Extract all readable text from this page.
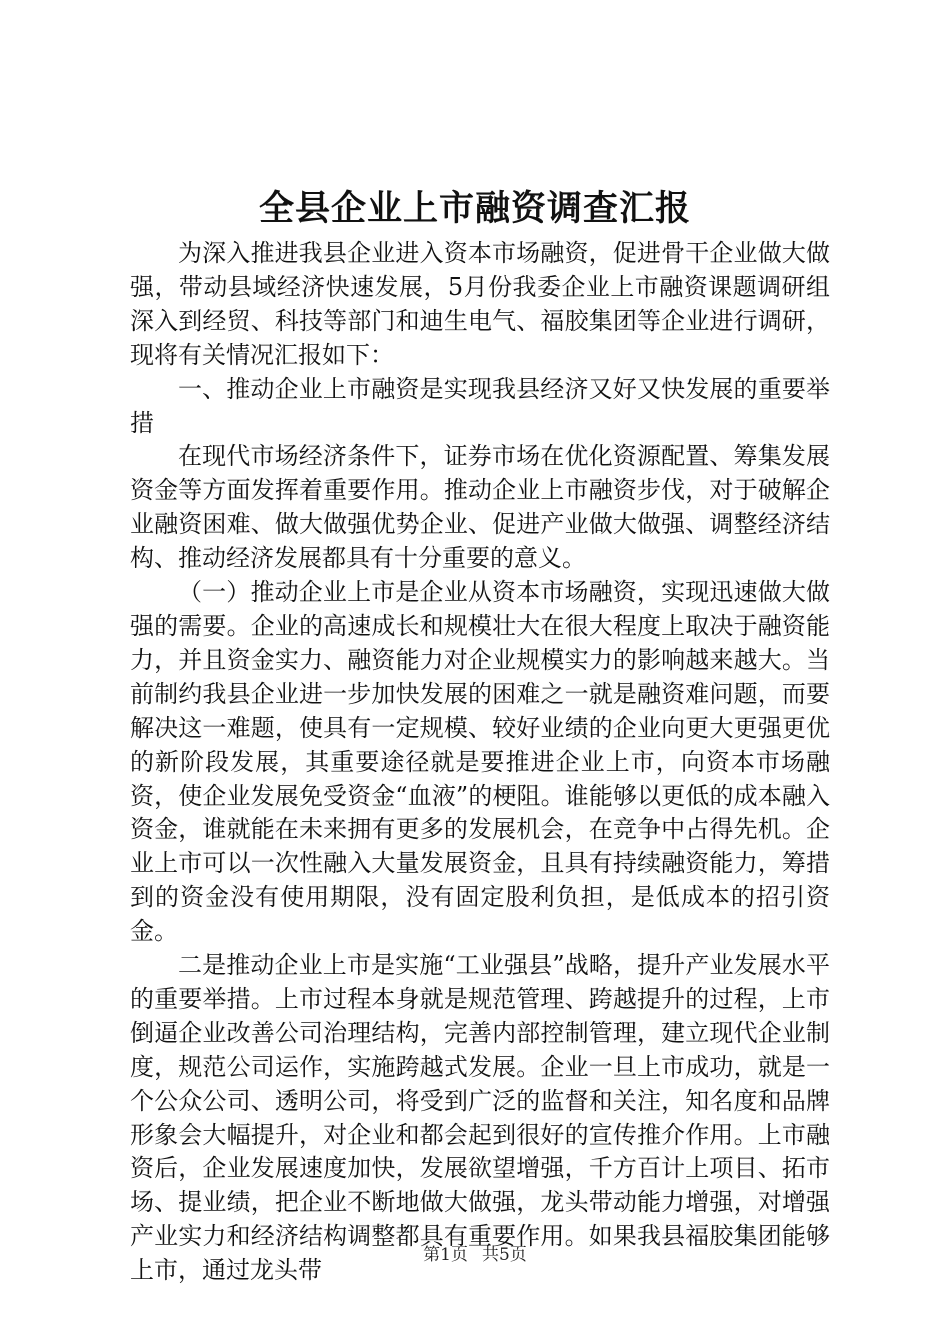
全县企业上市融资调查汇报

为深入推进我县企业进入资本市场融资，促进骨干企业做大做强，带动县域经济快速发展，5月份我委企业上市融资课题调研组深入到经贸、科技等部门和迪生电气、福胶集团等企业进行调研，现将有关情况汇报如下：

一、推动企业上市融资是实现我县经济又好又快发展的重要举措

在现代市场经济条件下，证券市场在优化资源配置、筹集发展资金等方面发挥着重要作用。推动企业上市融资步伐，对于破解企业融资困难、做大做强优势企业、促进产业做大做强、调整经济结构、推动经济发展都具有十分重要的意义。

（一）推动企业上市是企业从资本市场融资，实现迅速做大做强的需要。企业的高速成长和规模壮大在很大程度上取决于融资能力，并且资金实力、融资能力对企业规模实力的影响越来越大。当前制约我县企业进一步加快发展的困难之一就是融资难问题，而要解决这一难题，使具有一定规模、较好业绩的企业向更大更强更优的新阶段发展，其重要途径就是要推进企业上市，向资本市场融资，使企业发展免受资金“血液”的梗阻。谁能够以更低的成本融入资金，谁就能在未来拥有更多的发展机会，在竞争中占得先机。企业上市可以一次性融入大量发展资金，且具有持续融资能力，筹措到的资金没有使用期限，没有固定股利负担，是低成本的招引资金。

二是推动企业上市是实施“工业强县”战略，提升产业发展水平的重要举措。上市过程本身就是规范管理、跨越提升的过程，上市倒逼企业改善公司治理结构，完善内部控制管理，建立现代企业制度，规范公司运作，实施跨越式发展。企业一旦上市成功，就是一个公众公司、透明公司，将受到广泛的监督和关注，知名度和品牌形象会大幅提升，对企业和都会起到很好的宣传推介作用。上市融资后，企业发展速度加快，发展欲望增强，千方百计上项目、拓市场、提业绩，把企业不断地做大做强，龙头带动能力增强，对增强产业实力和经济结构调整都具有重要作用。如果我县福胶集团能够上市，通过龙头带

第1页 共5页
